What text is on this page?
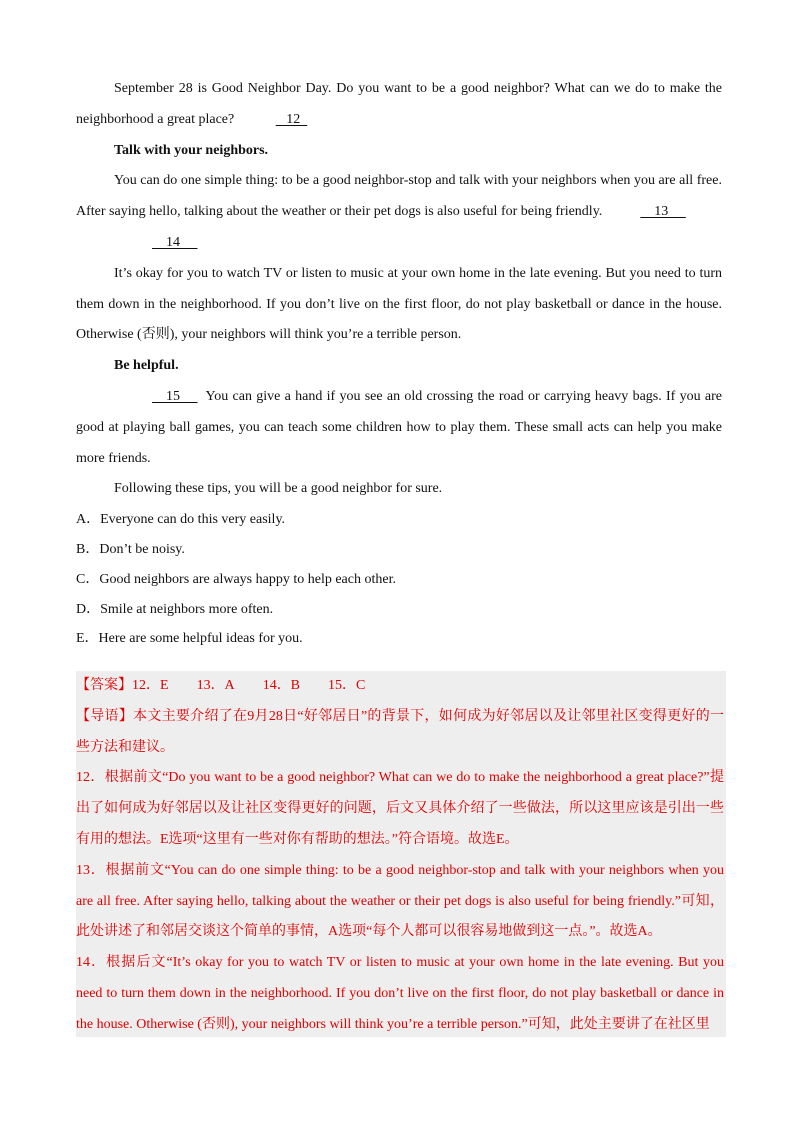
September 28 is Good Neighbor Day. Do you want to be a good neighbor? What can we do to make the neighborhood a great place?	12

Talk with your neighbors.

You can do one simple thing: to be a good neighbor-stop and talk with your neighbors when you are all free. After saying hello, talking about the weather or their pet dogs is also useful for being friendly.	13

14

It’s okay for you to watch TV or listen to music at your own home in the late evening. But you need to turn them down in the neighborhood. If you don’t live on the first floor, do not play basketball or dance in the house. Otherwise (否则), your neighbors will think you’re a terrible person.

Be helpful.

15       You can give a hand if you see an old crossing the road or carrying heavy bags. If you are good at playing ball games, you can teach some children how to play them. These small acts can help you make more friends.

Following these tips, you will be a good neighbor for sure.

A．Everyone can do this very easily.

B．Don’t be noisy.

C．Good neighbors are always happy to help each other.

D．Smile at neighbors more often.

E．Here are some helpful ideas for you.

【答案】12．E 13．A 14．B 15．C

【导语】本文主要介绍了在9月28日“好邻居日”的背景下，如何成为好邻居以及让邻里社区变得更好的一些方法和建议。

12．根据前文“Do you want to be a good neighbor? What can we do to make the neighborhood a great place?”提出了如何成为好邻居以及让社区变得更好的问题，后文又具体介绍了一些做法，所以这里应该是引出一些有用的想法。E选项“这里有一些对你有帮助的想法。”符合语境。故选E。

13．根据前文“You can do one simple thing: to be a good neighbor-stop and talk with your neighbors when you are all free. After saying hello, talking about the weather or their pet dogs is also useful for being friendly.”可知，此处讲述了和邻居交谈这个简单的事情，A选项“每个人都可以很容易地做到这一点。”。故选A。

14．根据后文“It’s okay for you to watch TV or listen to music at your own home in the late evening. But you need to turn them down in the neighborhood. If you don’t live on the first floor, do not play basketball or dance in the house. Otherwise (否则), your neighbors will think you’re a terrible person.”可知，此处主要讲了在社区里
